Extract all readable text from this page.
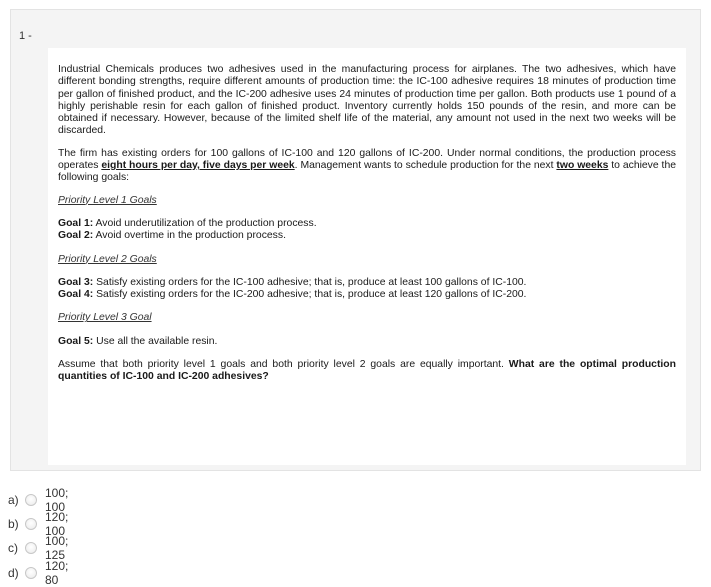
1 -

Industrial Chemicals produces two adhesives used in the manufacturing process for airplanes. The two adhesives, which have different bonding strengths, require different amounts of production time: the IC-100 adhesive requires 18 minutes of production time per gallon of finished product, and the IC-200 adhesive uses 24 minutes of production time per gallon. Both products use 1 pound of a highly perishable resin for each gallon of finished product. Inventory currently holds 150 pounds of the resin, and more can be obtained if necessary. However, because of the limited shelf life of the material, any amount not used in the next two weeks will be discarded.

The firm has existing orders for 100 gallons of IC-100 and 120 gallons of IC-200. Under normal conditions, the production process operates eight hours per day, five days per week. Management wants to schedule production for the next two weeks to achieve the following goals:

Priority Level 1 Goals

Goal 1: Avoid underutilization of the production process.

Goal 2: Avoid overtime in the production process.

Priority Level 2 Goals

Goal 3: Satisfy existing orders for the IC-100 adhesive; that is, produce at least 100 gallons of IC-100.

Goal 4: Satisfy existing orders for the IC-200 adhesive; that is, produce at least 120 gallons of IC-200.

Priority Level 3 Goal

Goal 5: Use all the available resin.

Assume that both priority level 1 goals and both priority level 2 goals are equally important. What are the optimal production quantities of IC-100 and IC-200 adhesives?

a)	100; 100
b)	120; 100
c)	100; 125
d)	120; 80
